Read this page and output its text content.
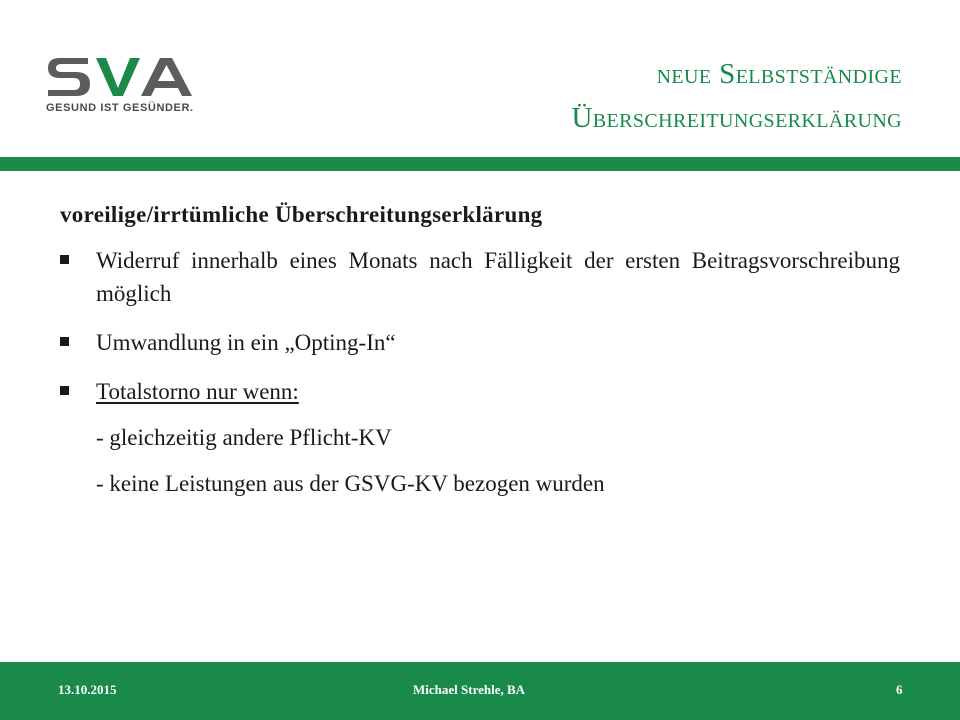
GESUND IST GESÜNDER.
neue Selbstständige
Überschreitungserklärung
voreilige/irrtümliche Überschreitungserklärung
Widerruf innerhalb eines Monats nach Fälligkeit der ersten Beitragsvorschreibung möglich
Umwandlung in ein „Opting-In“
Totalstorno nur wenn:
- gleichzeitig andere Pflicht-KV
- keine Leistungen aus der GSVG-KV bezogen wurden
13.10.2015	Michael Strehle, BA	6
